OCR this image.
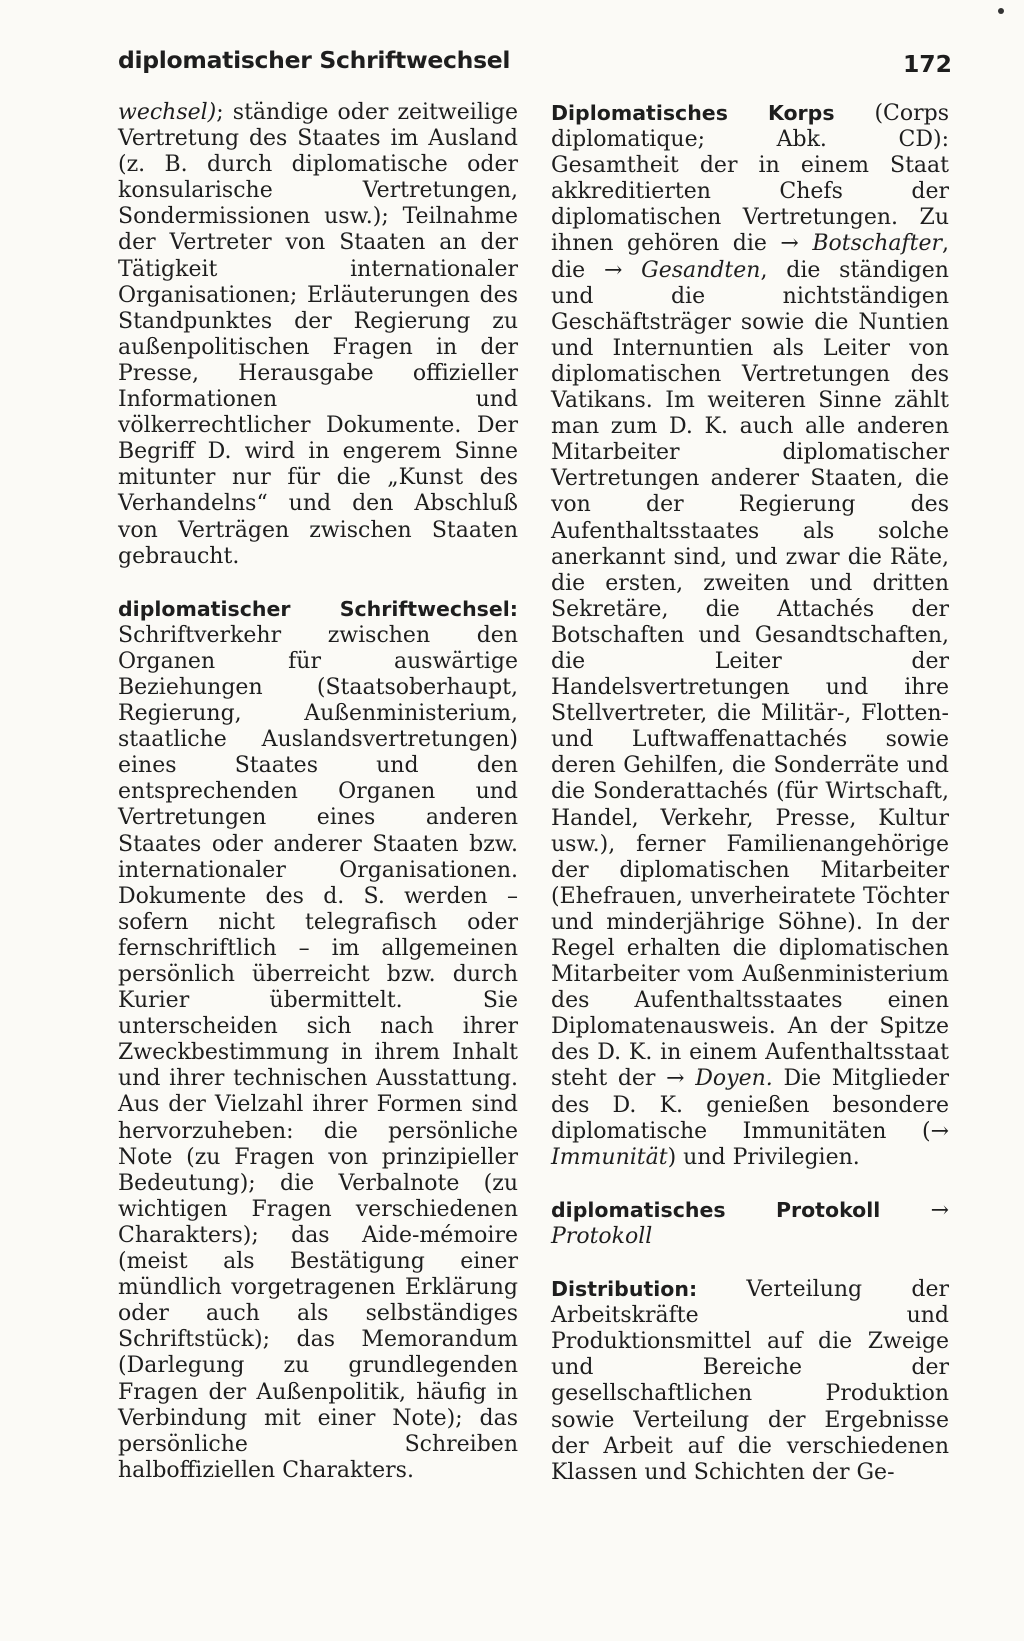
diplomatischer Schriftwechsel	172

wechsel); ständige oder zeitweilige Vertretung des Staates im Ausland (z. B. durch diplomatische oder konsularische Vertretungen, Sondermissionen usw.); Teilnahme der Vertreter von Staaten an der Tätigkeit internationaler Organisationen; Erläuterungen des Standpunktes der Regierung zu außenpolitischen Fragen in der Presse, Herausgabe offizieller Informationen und völkerrechtlicher Dokumente. Der Begriff D. wird in engerem Sinne mitunter nur für die „Kunst des Verhandelns“ und den Abschluß von Verträgen zwischen Staaten gebraucht.

diplomatischer Schriftwechsel: Schriftverkehr zwischen den Organen für auswärtige Beziehungen (Staatsoberhaupt, Regierung, Außenministerium, staatliche Auslandsvertretungen) eines Staates und den entsprechenden Organen und Vertretungen eines anderen Staates oder anderer Staaten bzw. internationaler Organisationen. Dokumente des d. S. werden – sofern nicht telegrafisch oder fernschriftlich – im allgemeinen persönlich überreicht bzw. durch Kurier übermittelt. Sie unterscheiden sich nach ihrer Zweckbestimmung in ihrem Inhalt und ihrer technischen Ausstattung. Aus der Vielzahl ihrer Formen sind hervorzuheben: die persönliche Note (zu Fragen von prinzipieller Bedeutung); die Verbalnote (zu wichtigen Fragen verschiedenen Charakters); das Aide-mémoire (meist als Bestätigung einer mündlich vorgetragenen Erklärung oder auch als selbständiges Schriftstück); das Memorandum (Darlegung zu grundlegenden Fragen der Außenpolitik, häufig in Verbindung mit einer Note); das persönliche Schreiben halboffiziellen Charakters.

Diplomatisches Korps (Corps diplomatique; Abk. CD): Gesamtheit der in einem Staat akkreditierten Chefs der diplomatischen Vertretungen. Zu ihnen gehören die → Botschafter, die → Gesandten, die ständigen und die nichtständigen Geschäftsträger sowie die Nuntien und Internuntien als Leiter von diplomatischen Vertretungen des Vatikans. Im weiteren Sinne zählt man zum D. K. auch alle anderen Mitarbeiter diplomatischer Vertretungen anderer Staaten, die von der Regierung des Aufenthaltsstaates als solche anerkannt sind, und zwar die Räte, die ersten, zweiten und dritten Sekretäre, die Attachés der Botschaften und Gesandtschaften, die Leiter der Handelsvertretungen und ihre Stellvertreter, die Militär-, Flotten- und Luftwaffenattachés sowie deren Gehilfen, die Sonderräte und die Sonderattachés (für Wirtschaft, Handel, Verkehr, Presse, Kultur usw.), ferner Familienangehörige der diplomatischen Mitarbeiter (Ehefrauen, unverheiratete Töchter und minderjährige Söhne). In der Regel erhalten die diplomatischen Mitarbeiter vom Außenministerium des Aufenthaltsstaates einen Diplomatenausweis. An der Spitze des D. K. in einem Aufenthaltsstaat steht der → Doyen. Die Mitglieder des D. K. genießen besondere diplomatische Immunitäten (→ Immunität) und Privilegien.

diplomatisches Protokoll → Protokoll

Distribution: Verteilung der Arbeitskräfte und Produktionsmittel auf die Zweige und Bereiche der gesellschaftlichen Produktion sowie Verteilung der Ergebnisse der Arbeit auf die verschiedenen Klassen und Schichten der Ge-
